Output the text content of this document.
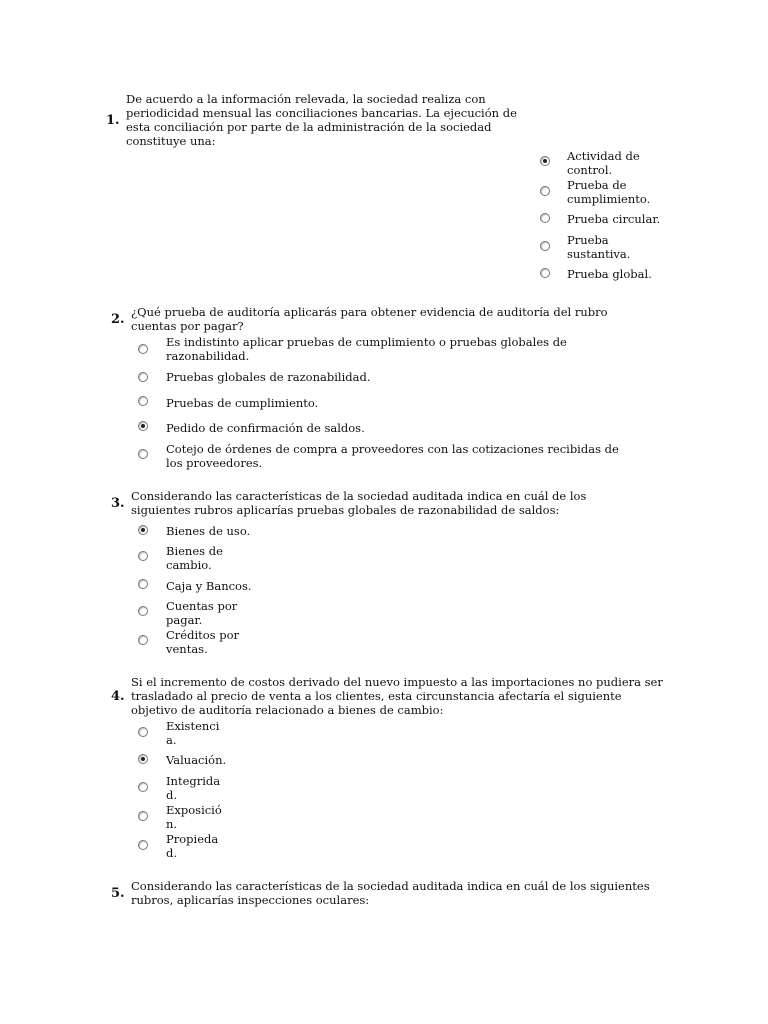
1.
De acuerdo a la información relevada, la sociedad realiza con periodicidad mensual las conciliaciones bancarias. La ejecución de esta conciliación por parte de la administración de la sociedad constituye una:
Actividad de control.
Prueba de cumplimiento.
Prueba circular.
Prueba sustantiva.
Prueba global.
2. ¿Qué prueba de auditoría aplicarás para obtener evidencia de auditoría del rubro cuentas por pagar?
Es indistinto aplicar pruebas de cumplimiento o pruebas globales de razonabilidad.
Pruebas globales de razonabilidad.
Pruebas de cumplimiento.
Pedido de confirmación de saldos.
Cotejo de órdenes de compra a proveedores con las cotizaciones recibidas de los proveedores.
3. Considerando las características de la sociedad auditada indica en cuál de los siguientes rubros aplicarías pruebas globales de razonabilidad de saldos:
Bienes de uso.
Bienes de cambio.
Caja y Bancos.
Cuentas por pagar.
Créditos por ventas.
4.
Si el incremento de costos derivado del nuevo impuesto a las importaciones no pudiera ser trasladado al precio de venta a los clientes, esta circunstancia afectaría el siguiente objetivo de auditoría relacionado a bienes de cambio:
Existencia.
Valuación.
Integridad.
Exposición.
Propiedad.
5. Considerando las características de la sociedad auditada indica en cuál de los siguientes rubros, aplicarías inspecciones oculares:
